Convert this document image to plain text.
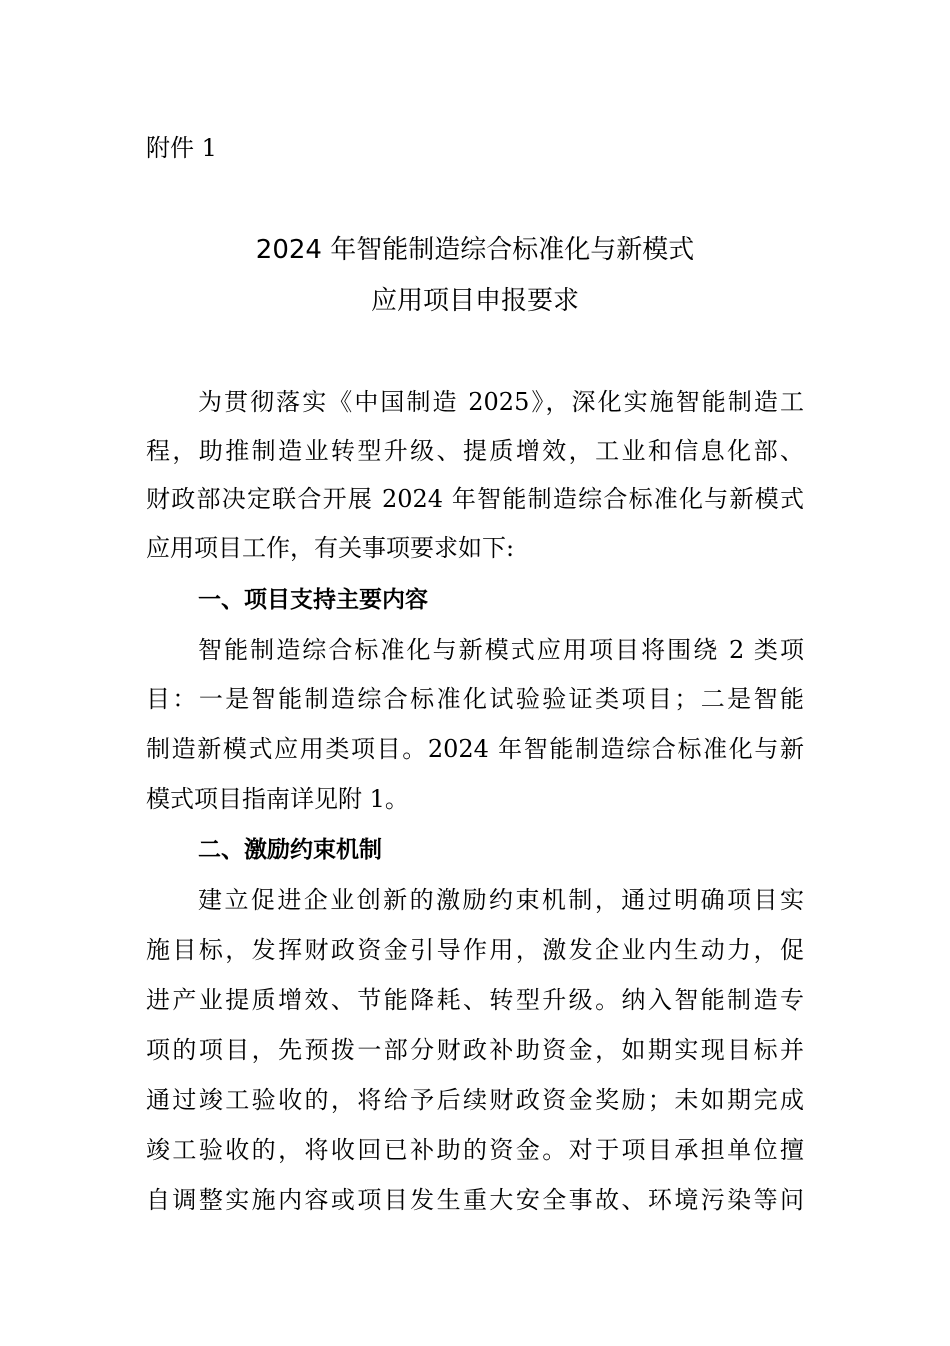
附件 1
2024 年智能制造综合标准化与新模式
应用项目申报要求
为贯彻落实《中国制造 2025》，深化实施智能制造工
程，助推制造业转型升级、提质增效，工业和信息化部、
财政部决定联合开展 2024 年智能制造综合标准化与新模式
应用项目工作，有关事项要求如下:
一、项目支持主要内容
智能制造综合标准化与新模式应用项目将围绕 2 类项
目：一是智能制造综合标准化试验验证类项目；二是智能
制造新模式应用类项目。2024 年智能制造综合标准化与新
模式项目指南详见附 1。
二、激励约束机制
建立促进企业创新的激励约束机制，通过明确项目实
施目标，发挥财政资金引导作用，激发企业内生动力，促
进产业提质增效、节能降耗、转型升级。纳入智能制造专
项的项目，先预拨一部分财政补助资金，如期实现目标并
通过竣工验收的，将给予后续财政资金奖励；未如期完成
竣工验收的，将收回已补助的资金。对于项目承担单位擅
自调整实施内容或项目发生重大安全事故、环境污染等问
